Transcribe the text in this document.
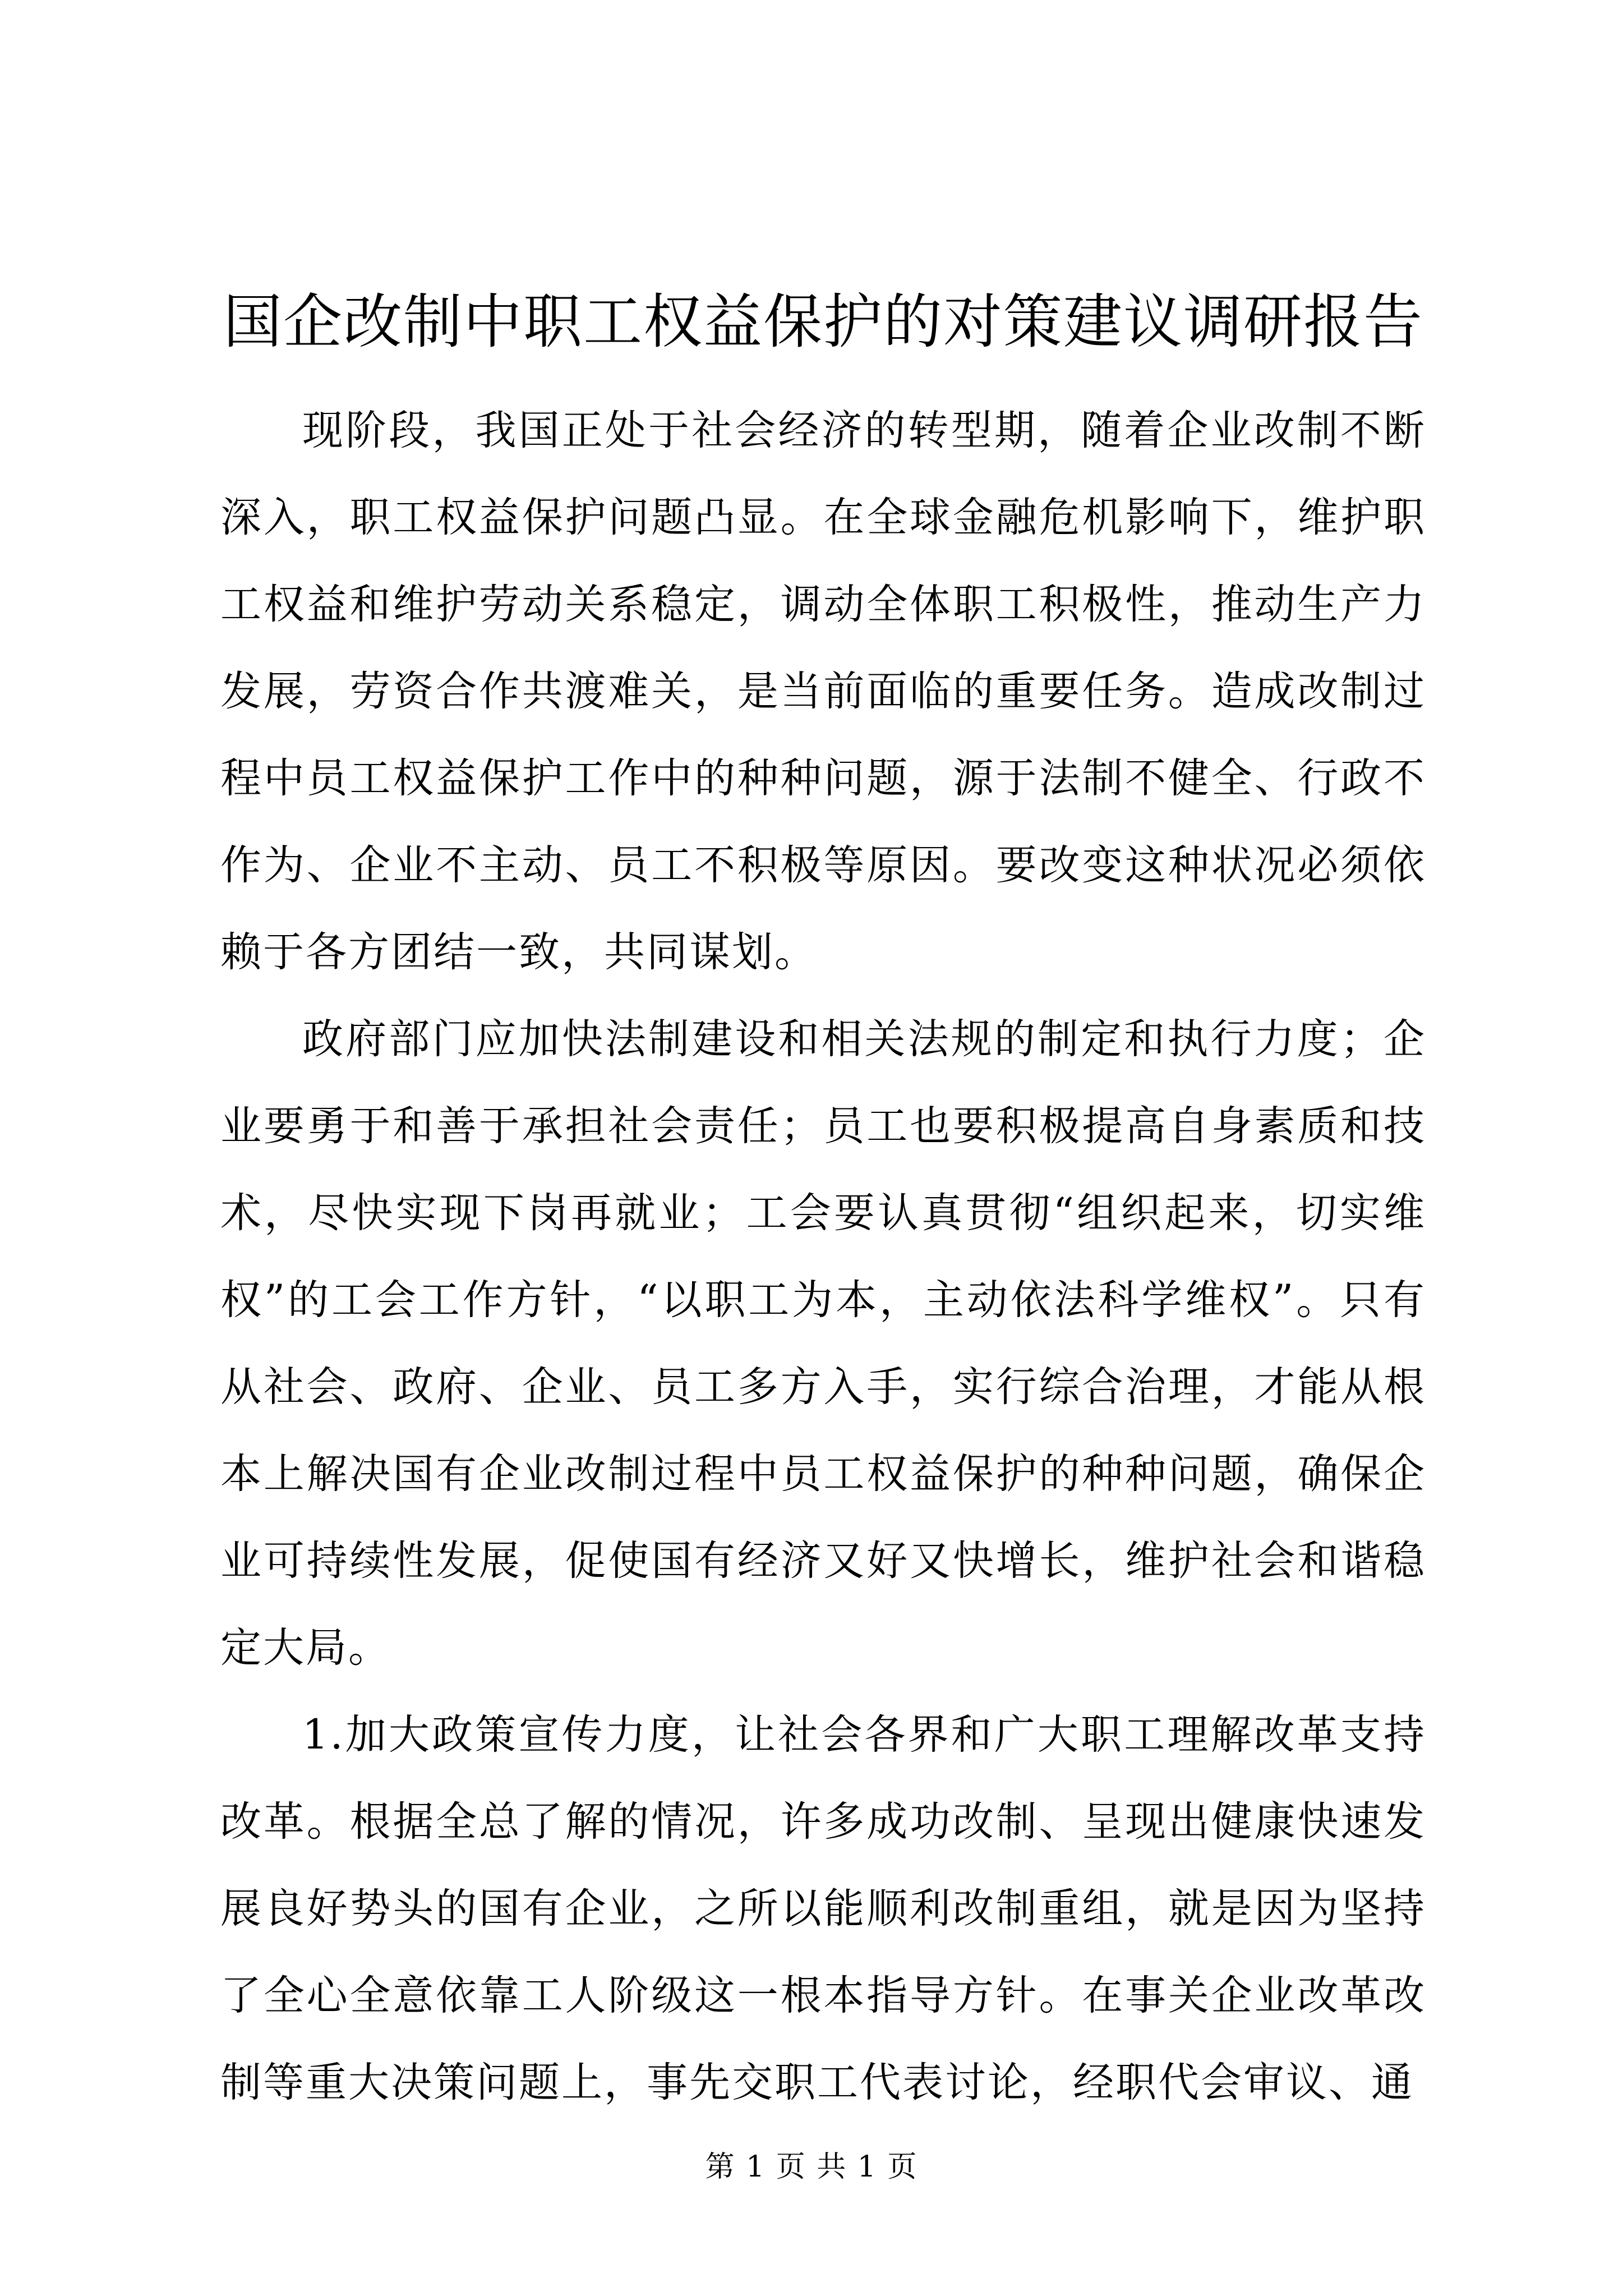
国企改制中职工权益保护的对策建议调研报告

现阶段，我国正处于社会经济的转型期，随着企业改制不断深入，职工权益保护问题凸显。在全球金融危机影响下，维护职工权益和维护劳动关系稳定，调动全体职工积极性，推动生产力发展，劳资合作共渡难关，是当前面临的重要任务。造成改制过程中员工权益保护工作中的种种问题，源于法制不健全、行政不作为、企业不主动、员工不积极等原因。要改变这种状况必须依赖于各方团结一致，共同谋划。

政府部门应加快法制建设和相关法规的制定和执行力度；企业要勇于和善于承担社会责任；员工也要积极提高自身素质和技术，尽快实现下岗再就业；工会要认真贯彻“组织起来，切实维权”的工会工作方针，“以职工为本，主动依法科学维权”。只有从社会、政府、企业、员工多方入手，实行综合治理，才能从根本上解决国有企业改制过程中员工权益保护的种种问题，确保企业可持续性发展，促使国有经济又好又快增长，维护社会和谐稳定大局。

1.加大政策宣传力度，让社会各界和广大职工理解改革支持改革。根据全总了解的情况，许多成功改制、呈现出健康快速发展良好势头的国有企业，之所以能顺利改制重组，就是因为坚持了全心全意依靠工人阶级这一根本指导方针。在事关企业改革改制等重大决策问题上，事先交职工代表讨论，经职代会审议、通

第 1 页 共 1 页
